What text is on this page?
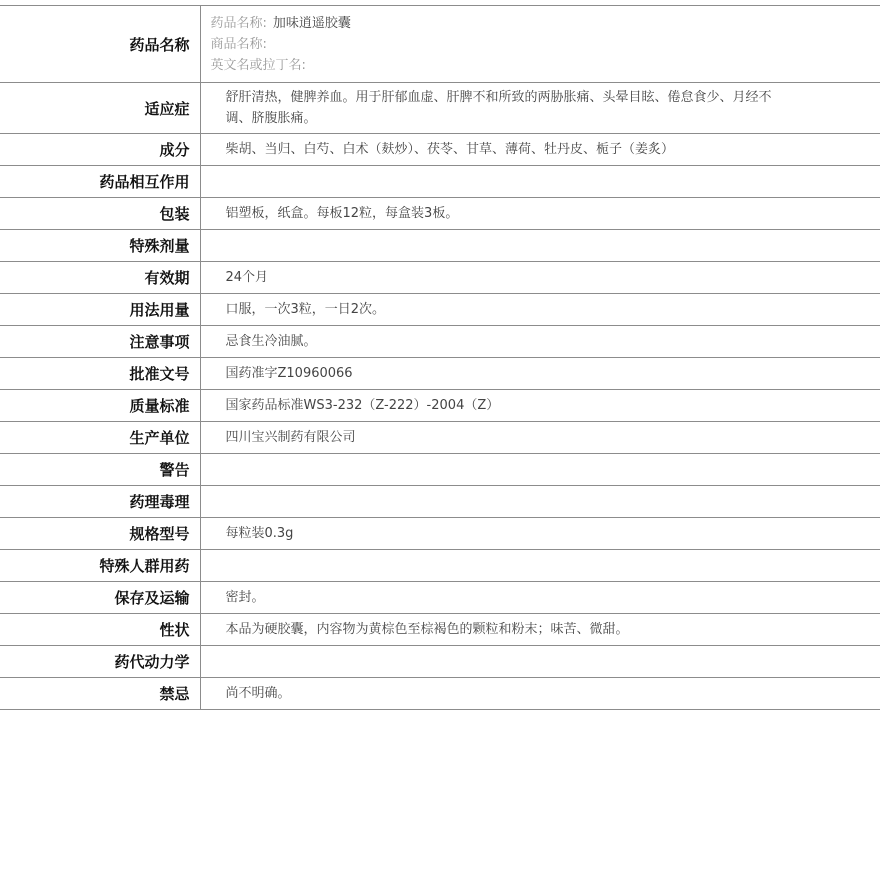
药品名称	药品名称: 加味逍遥胶囊
商品名称:
英文名或拉丁名:

适应症	舒肝清热，健脾养血。用于肝郁血虚、肝脾不和所致的两胁胀痛、头晕目眩、倦怠食少、月经不调、脐腹胀痛。

成分	柴胡、当归、白芍、白术（麸炒）、茯苓、甘草、薄荷、牡丹皮、栀子（姜炙）
药品相互作用	
包装	铝塑板，纸盒。每板12粒，每盒装3板。
特殊剂量	
有效期	24个月
用法用量	口服，一次3粒，一日2次。
注意事项	忌食生冷油腻。
批准文号	国药准字Z10960066
质量标准	国家药品标准WS3-232（Z-222）-2004（Z）
生产单位	四川宝兴制药有限公司
警告	
药理毒理	
规格型号	每粒装0.3g
特殊人群用药	
保存及运输	密封。
性状	本品为硬胶囊，内容物为黄棕色至棕褐色的颗粒和粉末；味苦、微甜。
药代动力学	
禁忌	尚不明确。
